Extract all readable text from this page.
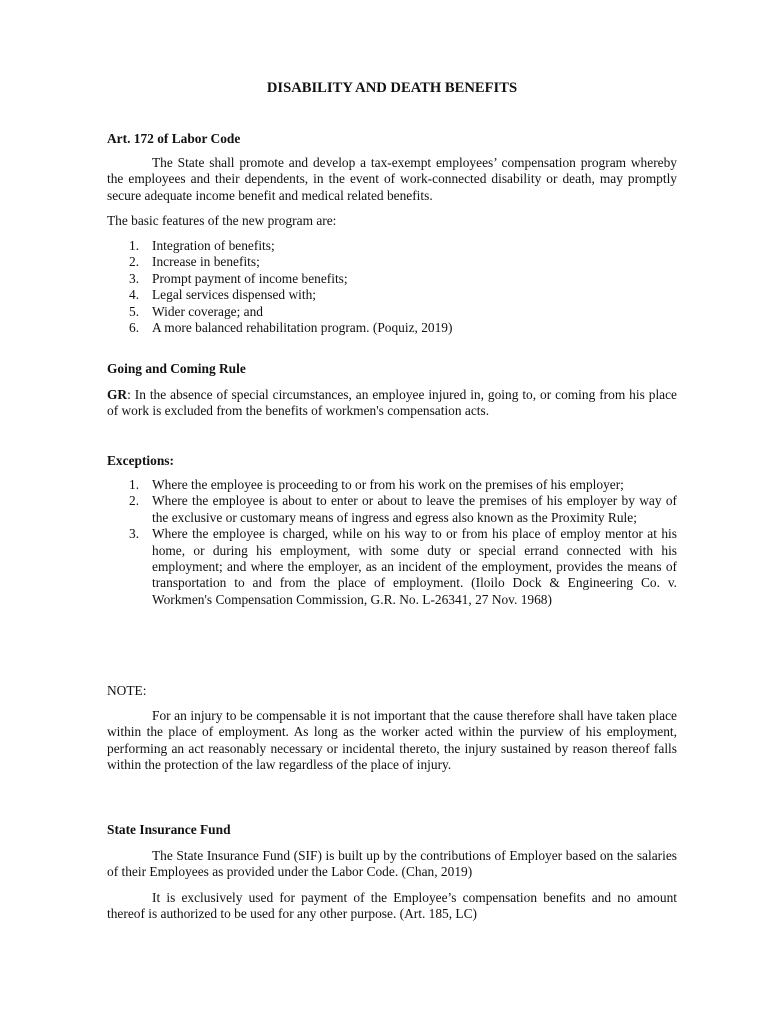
DISABILITY AND DEATH BENEFITS
Art. 172 of Labor Code

The State shall promote and develop a tax-exempt employees’ compensation program whereby the employees and their dependents, in the event of work-connected disability or death, may promptly secure adequate income benefit and medical related benefits.

The basic features of the new program are:

1. Integration of benefits;
2. Increase in benefits;
3. Prompt payment of income benefits;
4. Legal services dispensed with;
5. Wider coverage; and
6. A more balanced rehabilitation program. (Poquiz, 2019)
Going and Coming Rule

GR: In the absence of special circumstances, an employee injured in, going to, or coming from his place of work is excluded from the benefits of workmen's compensation acts.

Exceptions:
1. Where the employee is proceeding to or from his work on the premises of his employer;
2. Where the employee is about to enter or about to leave the premises of his employer by way of the exclusive or customary means of ingress and egress also known as the Proximity Rule;
3. Where the employee is charged, while on his way to or from his place of employ mentor at his home, or during his employment, with some duty or special errand connected with his employment; and where the employer, as an incident of the employment, provides the means of transportation to and from the place of employment. (Iloilo Dock & Engineering Co. v. Workmen's Compensation Commission, G.R. No. L-26341, 27 Nov. 1968)
NOTE:

For an injury to be compensable it is not important that the cause therefore shall have taken place within the place of employment. As long as the worker acted within the purview of his employment, performing an act reasonably necessary or incidental thereto, the injury sustained by reason thereof falls within the protection of the law regardless of the place of injury.

State Insurance Fund

The State Insurance Fund (SIF) is built up by the contributions of Employer based on the salaries of their Employees as provided under the Labor Code. (Chan, 2019)

It is exclusively used for payment of the Employee’s compensation benefits and no amount thereof is authorized to be used for any other purpose. (Art. 185, LC)
